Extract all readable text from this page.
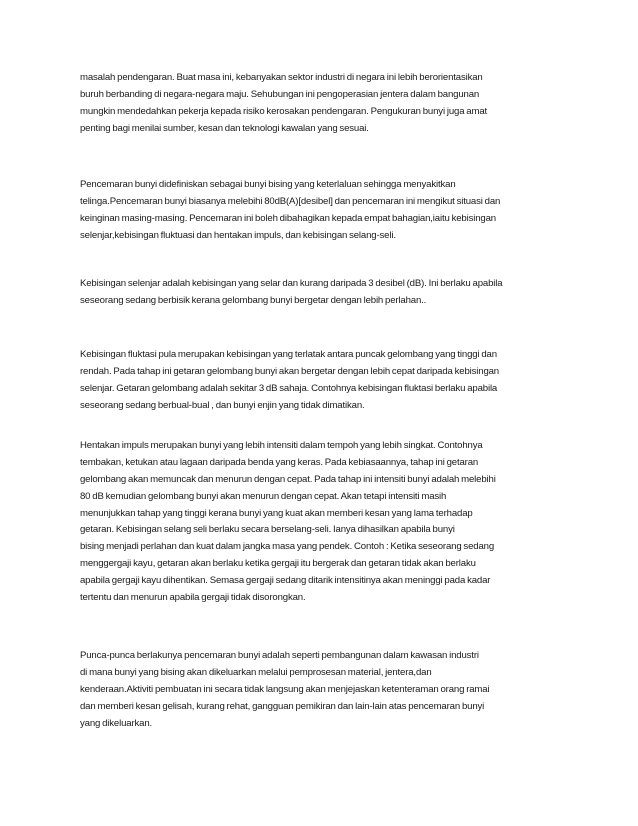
masalah pendengaran. Buat masa ini, kebanyakan sektor industri di negara ini lebih berorientasikan
buruh berbanding di negara-negara maju. Sehubungan ini pengoperasian jentera dalam bangunan
mungkin mendedahkan pekerja kepada risiko kerosakan pendengaran. Pengukuran bunyi juga amat
penting bagi menilai sumber, kesan dan teknologi kawalan yang sesuai.
Pencemaran bunyi didefiniskan sebagai bunyi bising yang keterlaluan sehingga menyakitkan
telinga.Pencemaran bunyi biasanya melebihi 80dB(A)[desibel] dan pencemaran ini mengikut situasi dan
keinginan masing-masing. Pencemaran ini boleh dibahagikan kepada empat bahagian,iaitu kebisingan
selenjar,kebisingan fluktuasi dan hentakan impuls, dan kebisingan selang-seli.
Kebisingan selenjar adalah kebisingan yang selar dan kurang daripada 3 desibel (dB). Ini berlaku apabila
seseorang sedang berbisik kerana gelombang bunyi bergetar dengan lebih perlahan..
Kebisingan fluktasi pula merupakan kebisingan yang terlatak antara puncak gelombang yang tinggi dan
rendah. Pada tahap ini getaran gelombang bunyi akan bergetar dengan lebih cepat daripada kebisingan
selenjar. Getaran gelombang adalah sekitar 3 dB sahaja. Contohnya kebisingan fluktasi berlaku apabila
seseorang sedang berbual-bual , dan bunyi enjin yang tidak dimatikan.
Hentakan impuls merupakan bunyi yang lebih intensiti dalam tempoh yang lebih singkat. Contohnya
tembakan, ketukan atau lagaan daripada benda yang keras. Pada kebiasaannya, tahap ini getaran
gelombang akan memuncak dan menurun dengan cepat. Pada tahap ini intensiti bunyi adalah melebihi
80 dB kemudian gelombang bunyi akan menurun dengan cepat. Akan tetapi intensiti masih
menunjukkan tahap yang tinggi kerana bunyi yang kuat akan memberi kesan yang lama terhadap
getaran. Kebisingan selang seli berlaku secara berselang-seli. Ianya dihasilkan apabila bunyi
bising menjadi perlahan dan kuat dalam jangka masa yang pendek. Contoh : Ketika seseorang sedang
menggergaji kayu, getaran akan berlaku ketika gergaji itu bergerak dan getaran tidak akan berlaku
apabila gergaji kayu dihentikan. Semasa gergaji sedang ditarik intensitinya akan meninggi pada kadar
tertentu dan menurun apabila gergaji tidak disorongkan.
Punca-punca berlakunya pencemaran bunyi adalah seperti pembangunan dalam kawasan industri
di mana bunyi yang bising akan dikeluarkan melalui pemprosesan material, jentera,dan
kenderaan.Aktiviti pembuatan ini secara tidak langsung akan menjejaskan ketenteraman orang ramai
dan memberi kesan gelisah, kurang rehat, gangguan pemikiran dan lain-lain atas pencemaran bunyi
yang dikeluarkan.
